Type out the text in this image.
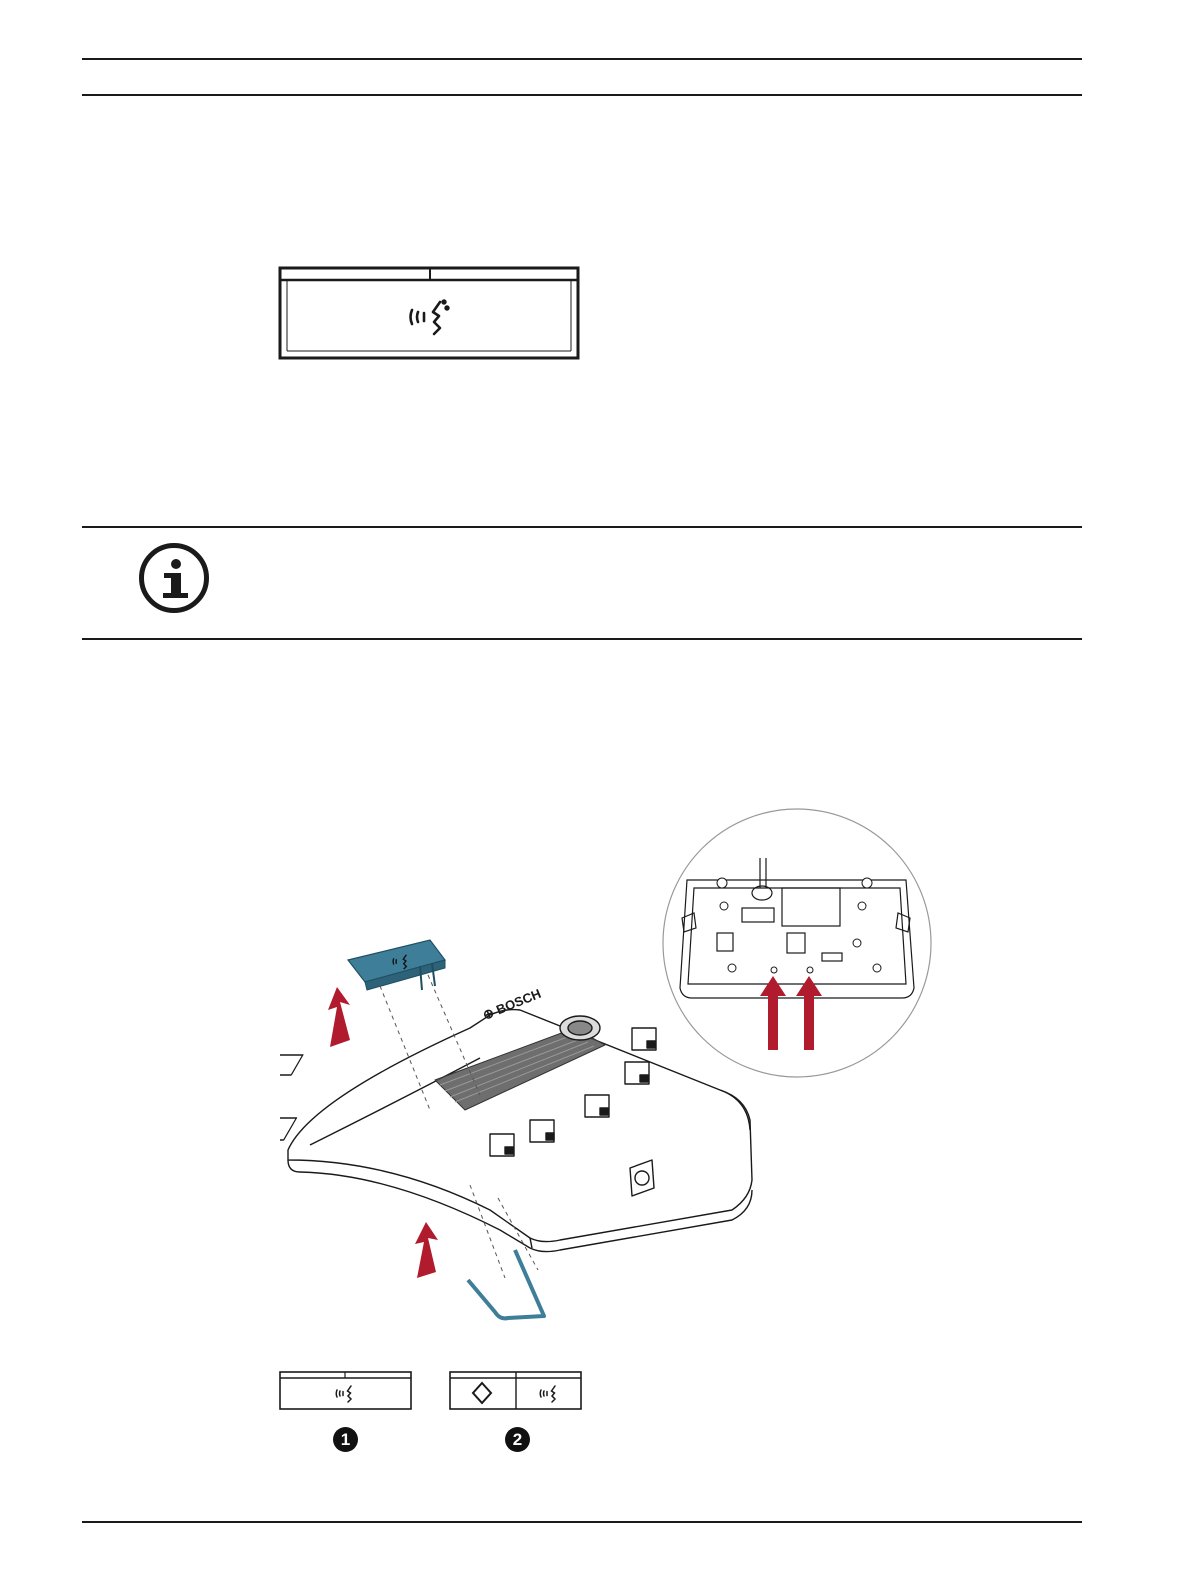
⊕ BOSCH
1	2
